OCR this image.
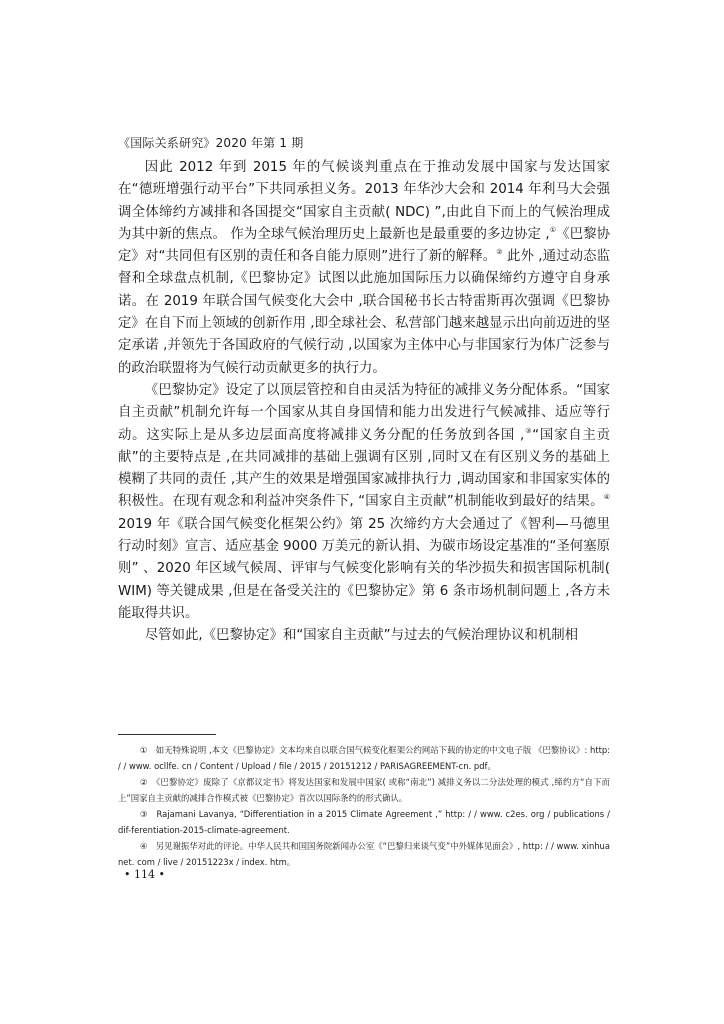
《国际关系研究》2020 年第 1 期

因此 2012 年到 2015 年的气候谈判重点在于推动发展中国家与发达国家在“德班增强行动平台”下共同承担义务。2013 年华沙大会和 2014 年利马大会强调全体缔约方减排和各国提交“国家自主贡献( NDC) ”,由此自下而上的气候治理成为其中新的焦点。 作为全球气候治理历史上最新也是最重要的多边协定 ,①《巴黎协定》对“共同但有区别的责任和各自能力原则”进行了新的解释。② 此外 ,通过动态监督和全球盘点机制,《巴黎协定》试图以此施加国际压力以确保缔约方遵守自身承诺。在 2019 年联合国气候变化大会中 ,联合国秘书长古特雷斯再次强调《巴黎协定》在自下而上领域的创新作用 ,即全球社会、私营部门越来越显示出向前迈进的坚定承诺 ,并领先于各国政府的气候行动 ,以国家为主体中心与非国家行为体广泛参与的政治联盟将为气候行动贡献更多的执行力。

《巴黎协定》设定了以顶层管控和自由灵活为特征的减排义务分配体系。“国家自主贡献”机制允许每一个国家从其自身国情和能力出发进行气候减排、适应等行动。这实际上是从多边层面高度将减排义务分配的任务放到各国 ,③“国家自主贡献”的主要特点是 ,在共同减排的基础上强调有区别 ,同时又在有区别义务的基础上模糊了共同的责任 ,其产生的效果是增强国家减排执行力 ,调动国家和非国家实体的积极性。在现有观念和利益冲突条件下, “国家自主贡献”机制能收到最好的结果。④ 2019 年《联合国气候变化框架公约》第 25 次缔约方大会通过了《智利—马德里行动时刻》宣言、适应基金 9000 万美元的新认捐、为碳市场设定基准的“圣何塞原则” 、2020 年区域气候周、评审与气候变化影响有关的华沙损失和损害国际机制( WIM) 等关键成果 ,但是在备受关注的《巴黎协定》第 6 条市场机制问题上 ,各方未能取得共识。

尽管如此,《巴黎协定》和“国家自主贡献”与过去的气候治理协议和机制相

①　如无特殊说明 ,本文《巴黎协定》文本均来自以联合国气候变化框架公约网站下载的协定的中文电子版 《巴黎协议》: http: / / www. ocllfe. cn / Content / Upload / file / 2015 / 20151212 / PARISAGREEMENT-cn. pdf。

②　《巴黎协定》废除了《京都议定书》将发达国家和发展中国家( 或称“南北”) 减排义务以二分法处理的模式 ,缔约方“自下而上”国家自主贡献的减排合作模式被《巴黎协定》首次以国际条约的形式确认。

③　Rajamani Lavanya, “Differentiation in a 2015 Climate Agreement ,” http: / / www. c2es. org / publications / dif-ferentiation-2015-climate-agreement.

④　另见谢振华对此的评论。中华人民共和国国务院新闻办公室《“巴黎归来谈气变”中外媒体见面会》, http: / / www. xinhuanet. com / live / 20151223x / index. htm。

• 114 •
